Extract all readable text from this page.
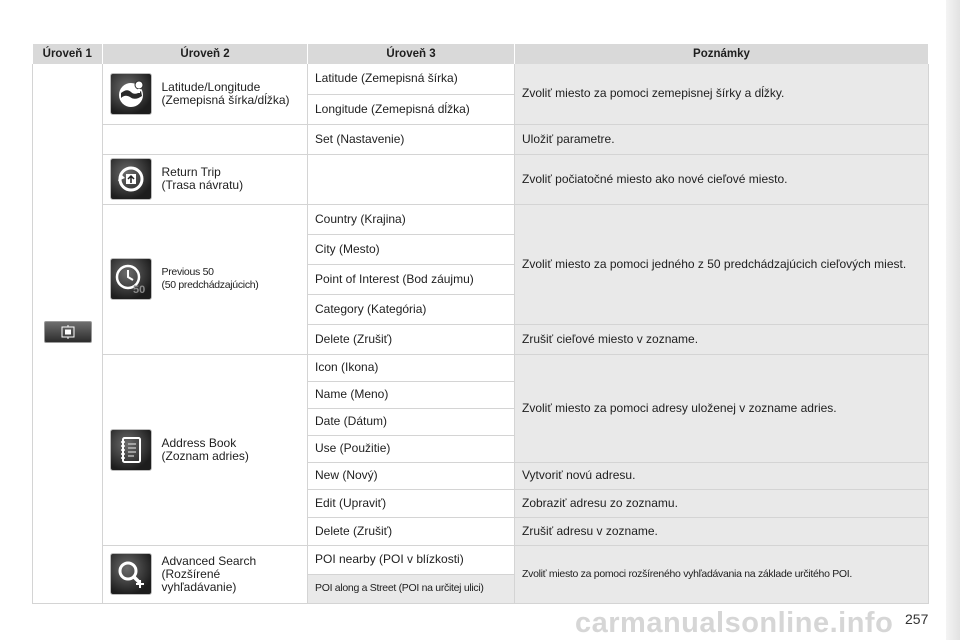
Úroveň 1	Úroveň 2		Úroveň 3	Poznámky

Latitude/Longitude
(Zemepisná šírka/dĺžka)	Latitude (Zemepisná šírka)	Zvoliť miesto za pomoci zemepisnej šírky a dĺžky.
			Longitude (Zemepisná dĺžka)	
			Set (Nastavenie)	Uložiť parametre.

Return Trip
(Trasa návratu)		Zvoliť počiatočné miesto ako nové cieľové miesto.

50	Previous 50
(50 predchádzajúcich)	Country (Krajina)	Zvoliť miesto za pomoci jedného z 50 predchádzajúcich cieľových miest.
			City (Mesto)	
			Point of Interest (Bod záujmu)	
			Category (Kategória)	
			Delete (Zrušiť)	Zrušiť cieľové miesto v zozname.

Address Book
(Zoznam adries)	Icon (Ikona)	Zvoliť miesto za pomoci adresy uloženej v zozname adries.
			Name (Meno)	
			Date (Dátum)	
			Use (Použitie)	
			New (Nový)	Vytvoriť novú adresu.
			Edit (Upraviť)	Zobraziť adresu zo zoznamu.
			Delete (Zrušiť)	Zrušiť adresu v zozname.

Advanced Search
(Rozšírené
vyhľadávanie)	POI nearby (POI v blízkosti)	Zvoliť miesto za pomoci rozšíreného vyhľadávania na základe určitého POI.
			POI along a Street (POI na určitej ulici)	
carmanualsonline.info 257
